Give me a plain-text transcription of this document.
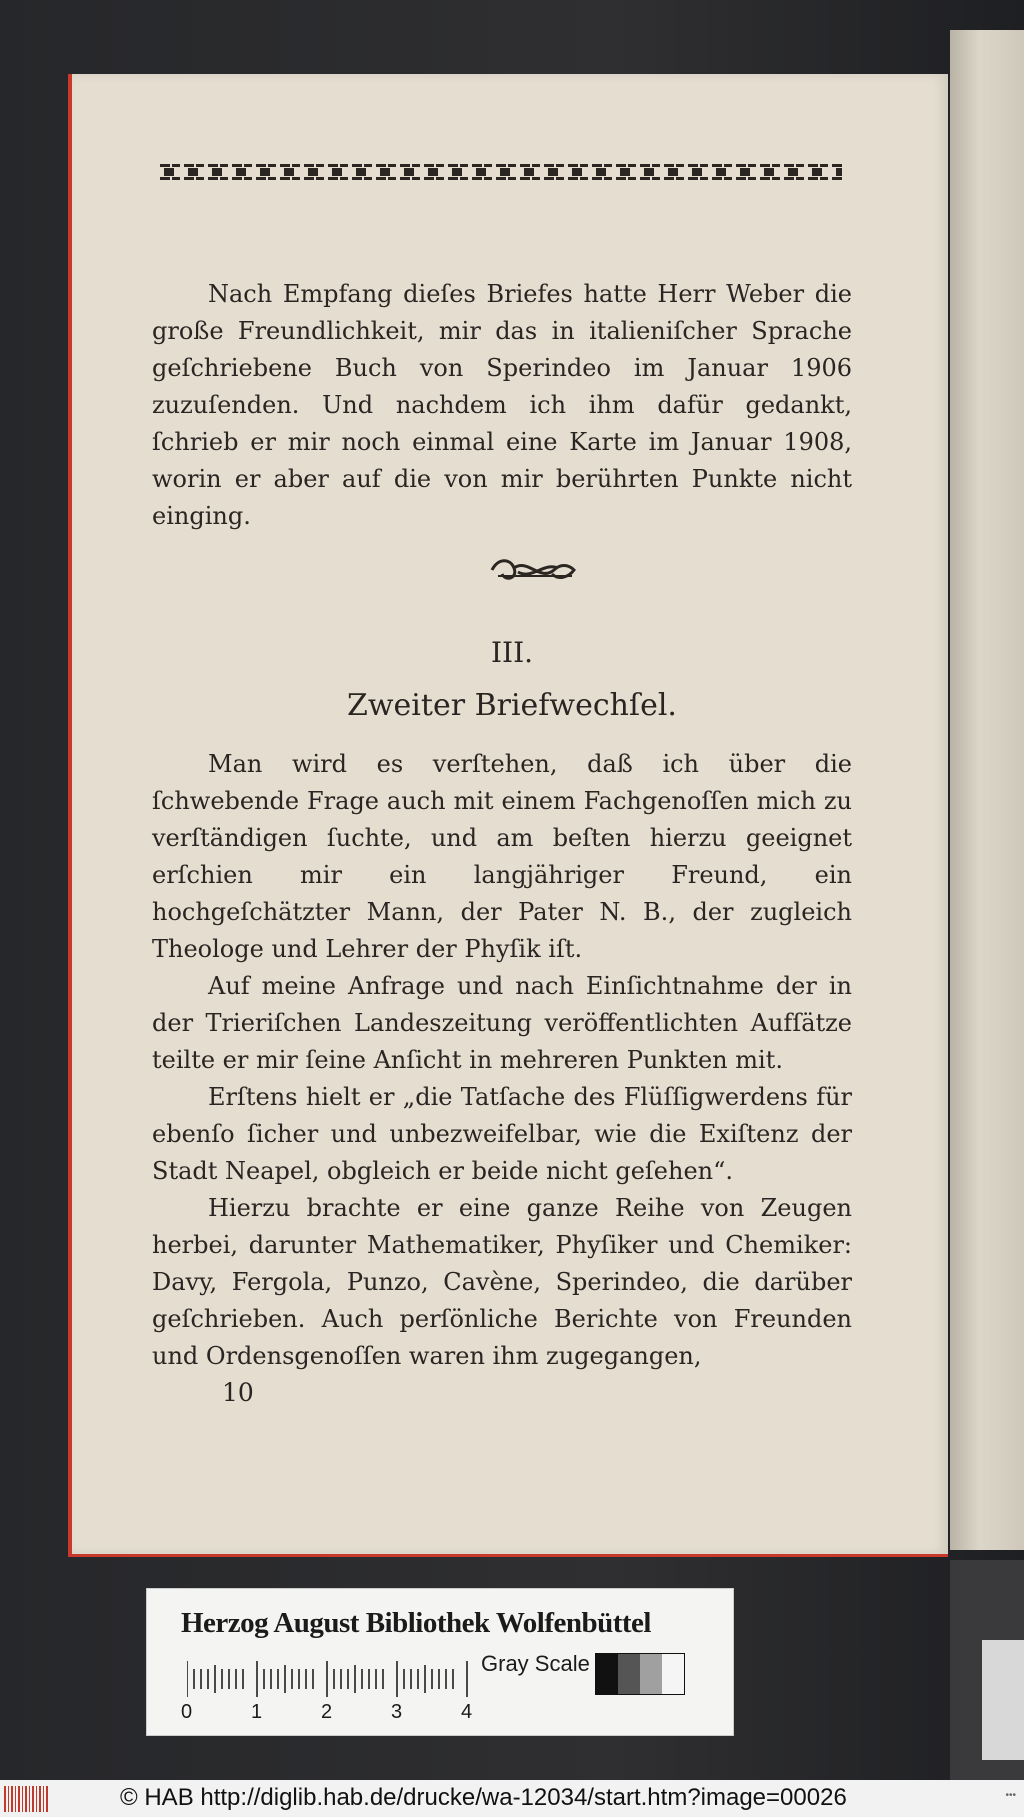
Nach Empfang dieſes Briefes hatte Herr Weber die große Freundlichkeit, mir das in italieniſcher Sprache geſchriebene Buch von Sperindeo im Januar 1906 zuzuſenden. Und nachdem ich ihm dafür gedankt, ſchrieb er mir noch einmal eine Karte im Januar 1908, worin er aber auf die von mir berührten Punkte nicht einging.

III.
Zweiter Briefwechſel.

Man wird es verſtehen, daß ich über die ſchwebende Frage auch mit einem Fachgenoſſen mich zu verſtändigen ſuchte, und am beſten hierzu geeignet erſchien mir ein langjähriger Freund, ein hochgeſchätzter Mann, der Pater N. B., der zugleich Theologe und Lehrer der Phyſik iſt.

Auf meine Anfrage und nach Einſichtnahme der in der Trieriſchen Landeszeitung veröffentlichten Aufſätze teilte er mir ſeine Anſicht in mehreren Punkten mit.

Erſtens hielt er „die Tatſache des Flüſſigwerdens für ebenſo ſicher und unbezweifelbar, wie die Exiſtenz der Stadt Neapel, obgleich er beide nicht geſehen“.

Hierzu brachte er eine ganze Reihe von Zeugen herbei, darunter Mathematiker, Phyſiker und Chemiker: Davy, Fergola, Punzo, Cavène, Sperindeo, die darüber geſchrieben. Auch perſönliche Berichte von Freunden und Ordensgenoſſen waren ihm zugegangen,

10
Herzog August Bibliothek Wolfenbüttel
0	1	2	3	4
Gray Scale
© HAB http://diglib.hab.de/drucke/wa-12034/start.htm?image=00026	•••
